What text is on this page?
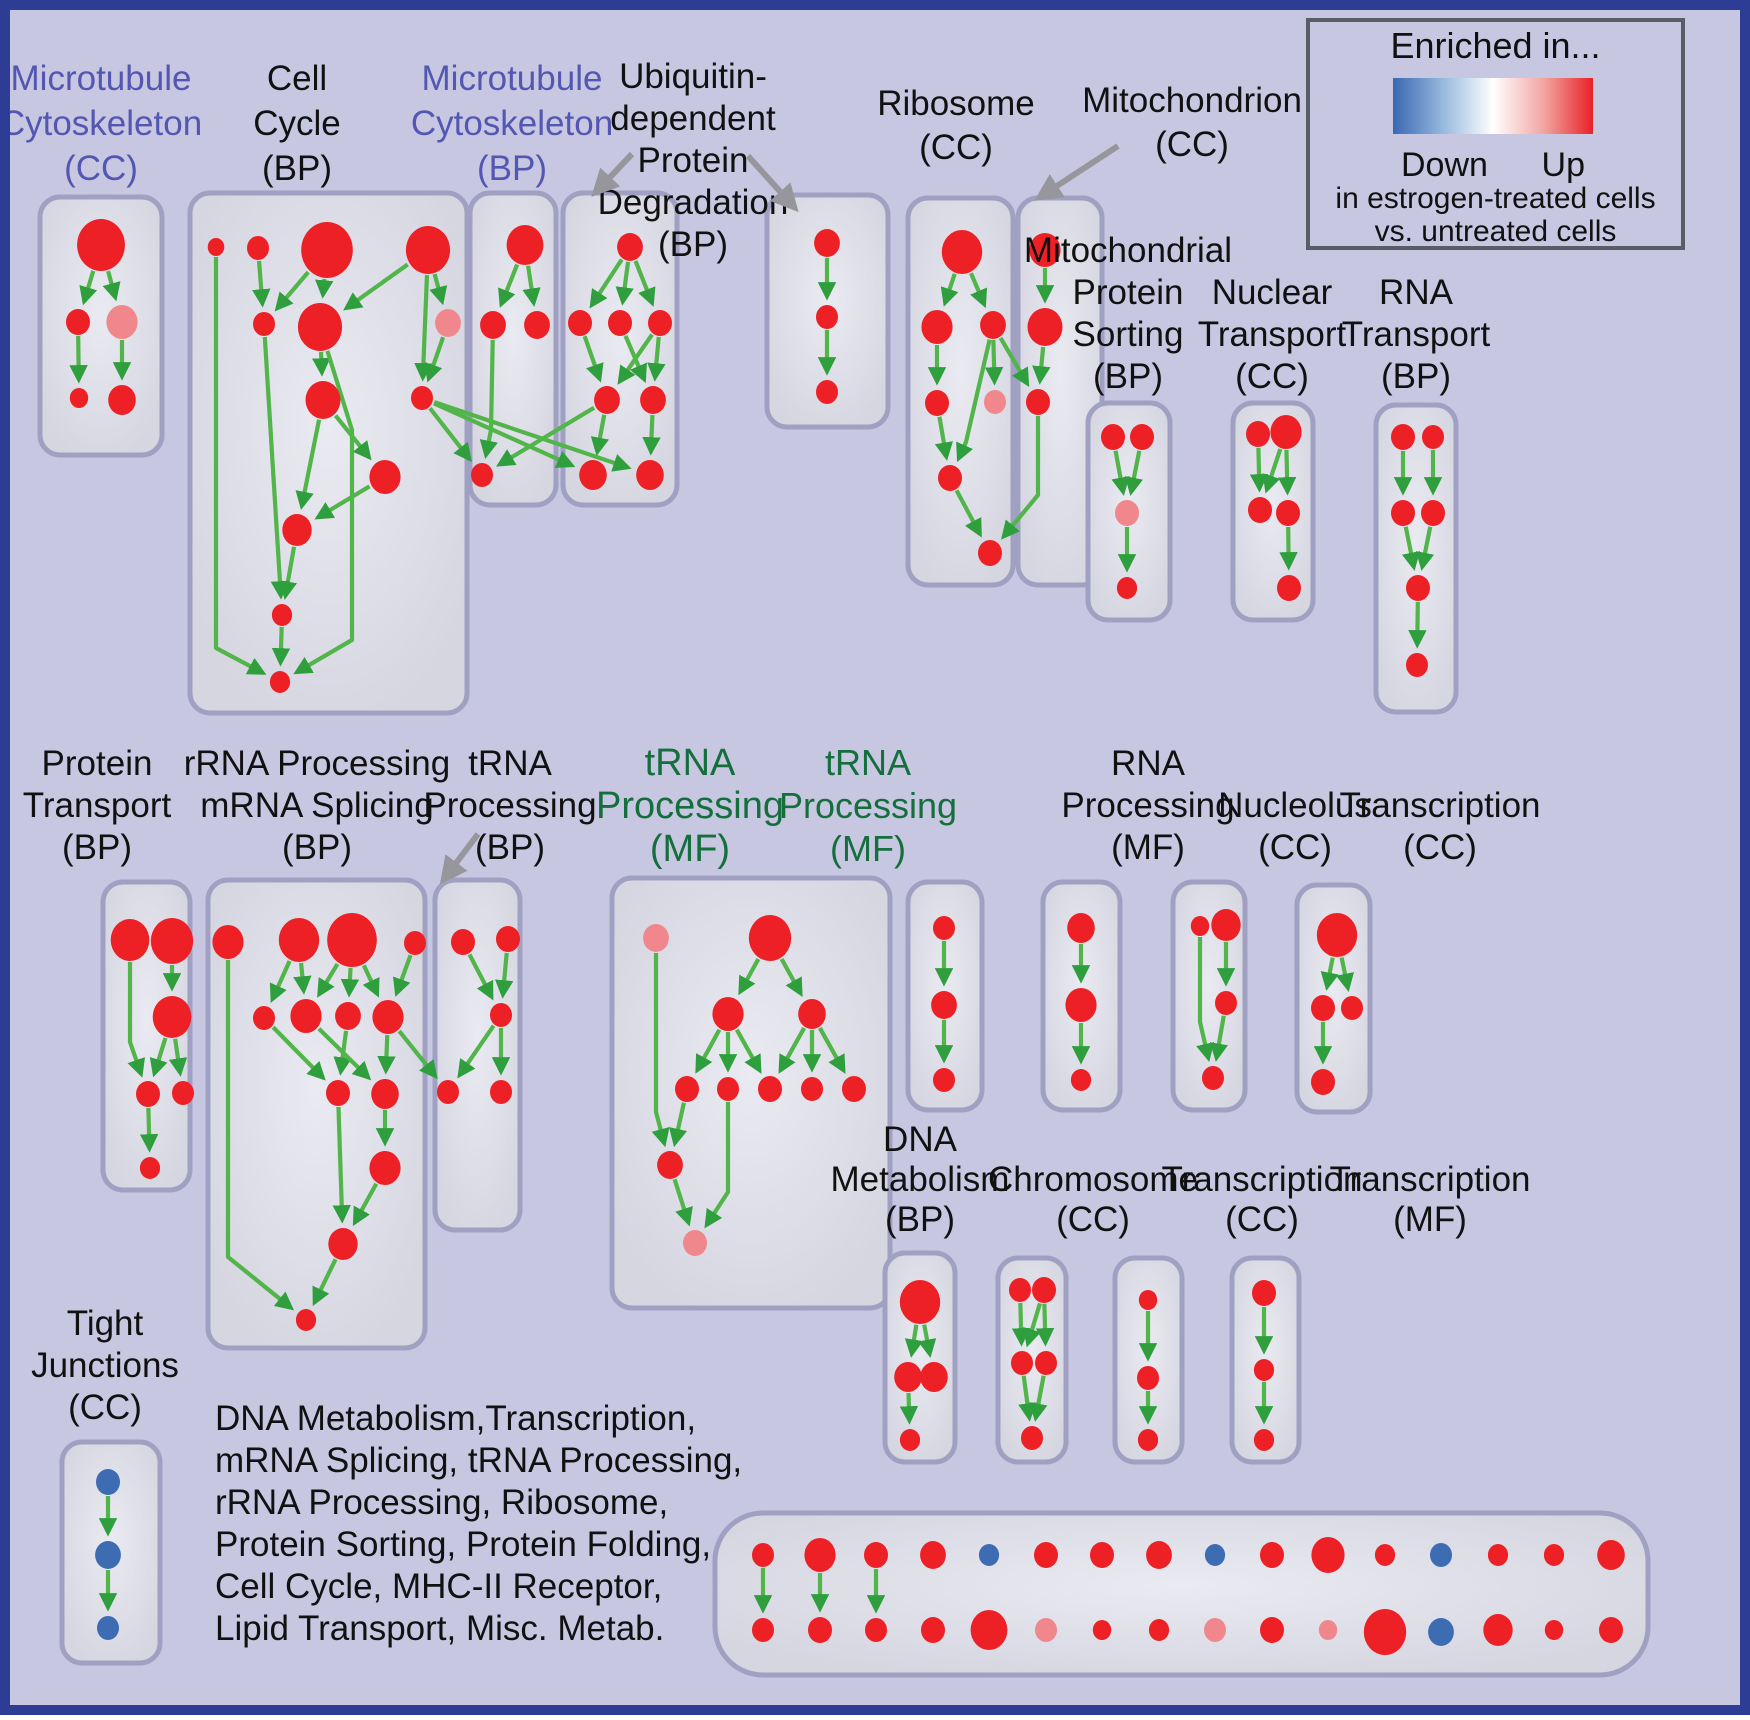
Microtubule
Cytoskeleton
(CC)
Cell
Cycle
(BP)
Microtubule
Cytoskeleton
(BP)
Ubiquitin-
dependent
Protein
Degradation
(BP)
Ribosome
(CC)
Mitochondrion
(CC)
Mitochondrial
Protein
Sorting
(BP)
Nuclear
Transport
(CC)
RNA
Transport
(BP)
Protein
Transport
(BP)
rRNA Processing
mRNA Splicing
(BP)
tRNA
Processing
(BP)
tRNA
Processing
(MF)
tRNA
Processing
(MF)
RNA
Processing
(MF)
Nucleolus
(CC)
Transcription
(CC)
DNA
Metabolism
(BP)
Chromosome
(CC)
Transcription
(CC)
Transcription
(MF)
Tight
Junctions
(CC)
Enriched in...
Down Up
in estrogen-treated cells
vs. untreated cells
DNA Metabolism,Transcription,
mRNA Splicing, tRNA Processing,
rRNA Processing, Ribosome,
Protein Sorting, Protein Folding,
Cell Cycle, MHC-II Receptor,
Lipid Transport, Misc. Metab.
